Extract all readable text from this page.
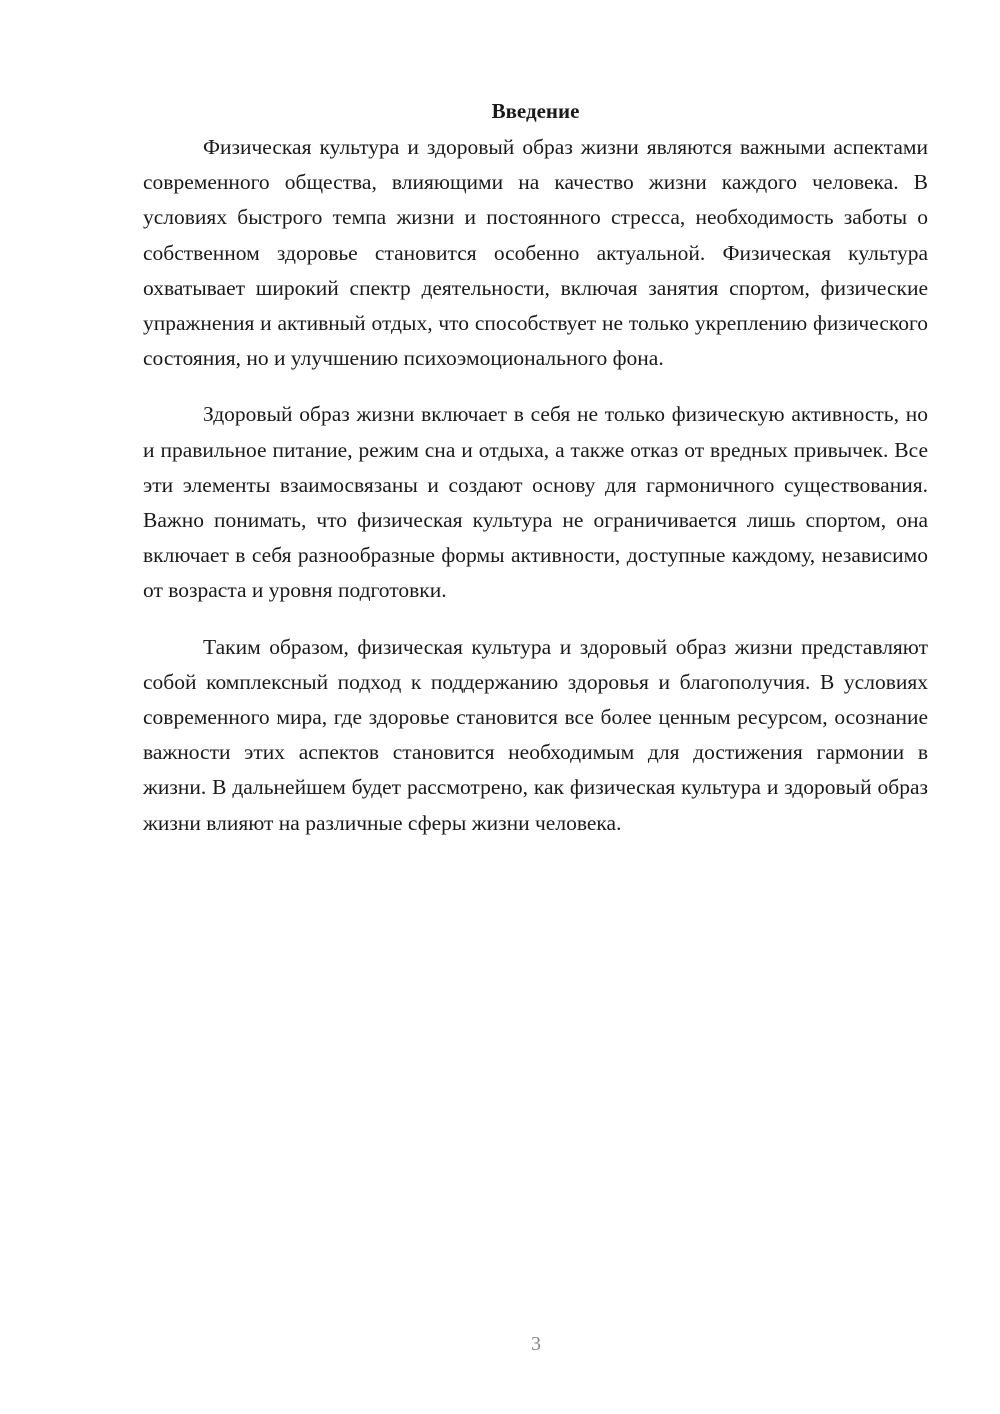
Введение

Физическая культура и здоровый образ жизни являются важными аспектами современного общества, влияющими на качество жизни каждого человека. В условиях быстрого темпа жизни и постоянного стресса, необходимость заботы о собственном здоровье становится особенно актуальной. Физическая культура охватывает широкий спектр деятельности, включая занятия спортом, физические упражнения и активный отдых, что способствует не только укреплению физического состояния, но и улучшению психоэмоционального фона.

Здоровый образ жизни включает в себя не только физическую активность, но и правильное питание, режим сна и отдыха, а также отказ от вредных привычек. Все эти элементы взаимосвязаны и создают основу для гармоничного существования. Важно понимать, что физическая культура не ограничивается лишь спортом, она включает в себя разнообразные формы активности, доступные каждому, независимо от возраста и уровня подготовки.

Таким образом, физическая культура и здоровый образ жизни представляют собой комплексный подход к поддержанию здоровья и благополучия. В условиях современного мира, где здоровье становится все более ценным ресурсом, осознание важности этих аспектов становится необходимым для достижения гармонии в жизни. В дальнейшем будет рассмотрено, как физическая культура и здоровый образ жизни влияют на различные сферы жизни человека.

3
